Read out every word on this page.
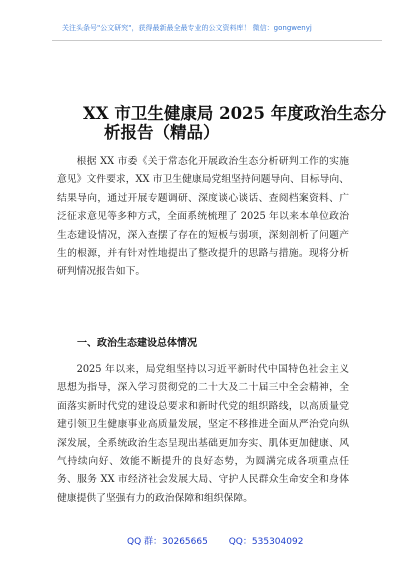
关注头条号"公文研究"，获得最新最全最专业的公文资料库！ 微信：gongwenyj
XX 市卫生健康局 2025 年度政治生态分
析报告（精品）

根据 XX 市委《关于常态化开展政治生态分析研判工作的实施意见》文件要求，XX 市卫生健康局党组坚持问题导向、目标导向、结果导向，通过开展专题调研、深度谈心谈话、查阅档案资料、广泛征求意见等多种方式，全面系统梳理了 2025 年以来本单位政治生态建设情况，深入查摆了存在的短板与弱项，深刻剖析了问题产生的根源，并有针对性地提出了整改提升的思路与措施。现将分析研判情况报告如下。

一、政治生态建设总体情况

2025 年以来，局党组坚持以习近平新时代中国特色社会主义思想为指导，深入学习贯彻党的二十大及二十届三中全会精神，全面落实新时代党的建设总要求和新时代党的组织路线，以高质量党建引领卫生健康事业高质量发展，坚定不移推进全面从严治党向纵深发展，全系统政治生态呈现出基础更加夯实、肌体更加健康、风气持续向好、效能不断提升的良好态势，为圆满完成各项重点任务、服务 XX 市经济社会发展大局、守护人民群众生命安全和身体健康提供了坚强有力的政治保障和组织保障。

QQ 群：30265665 QQ：535304092
